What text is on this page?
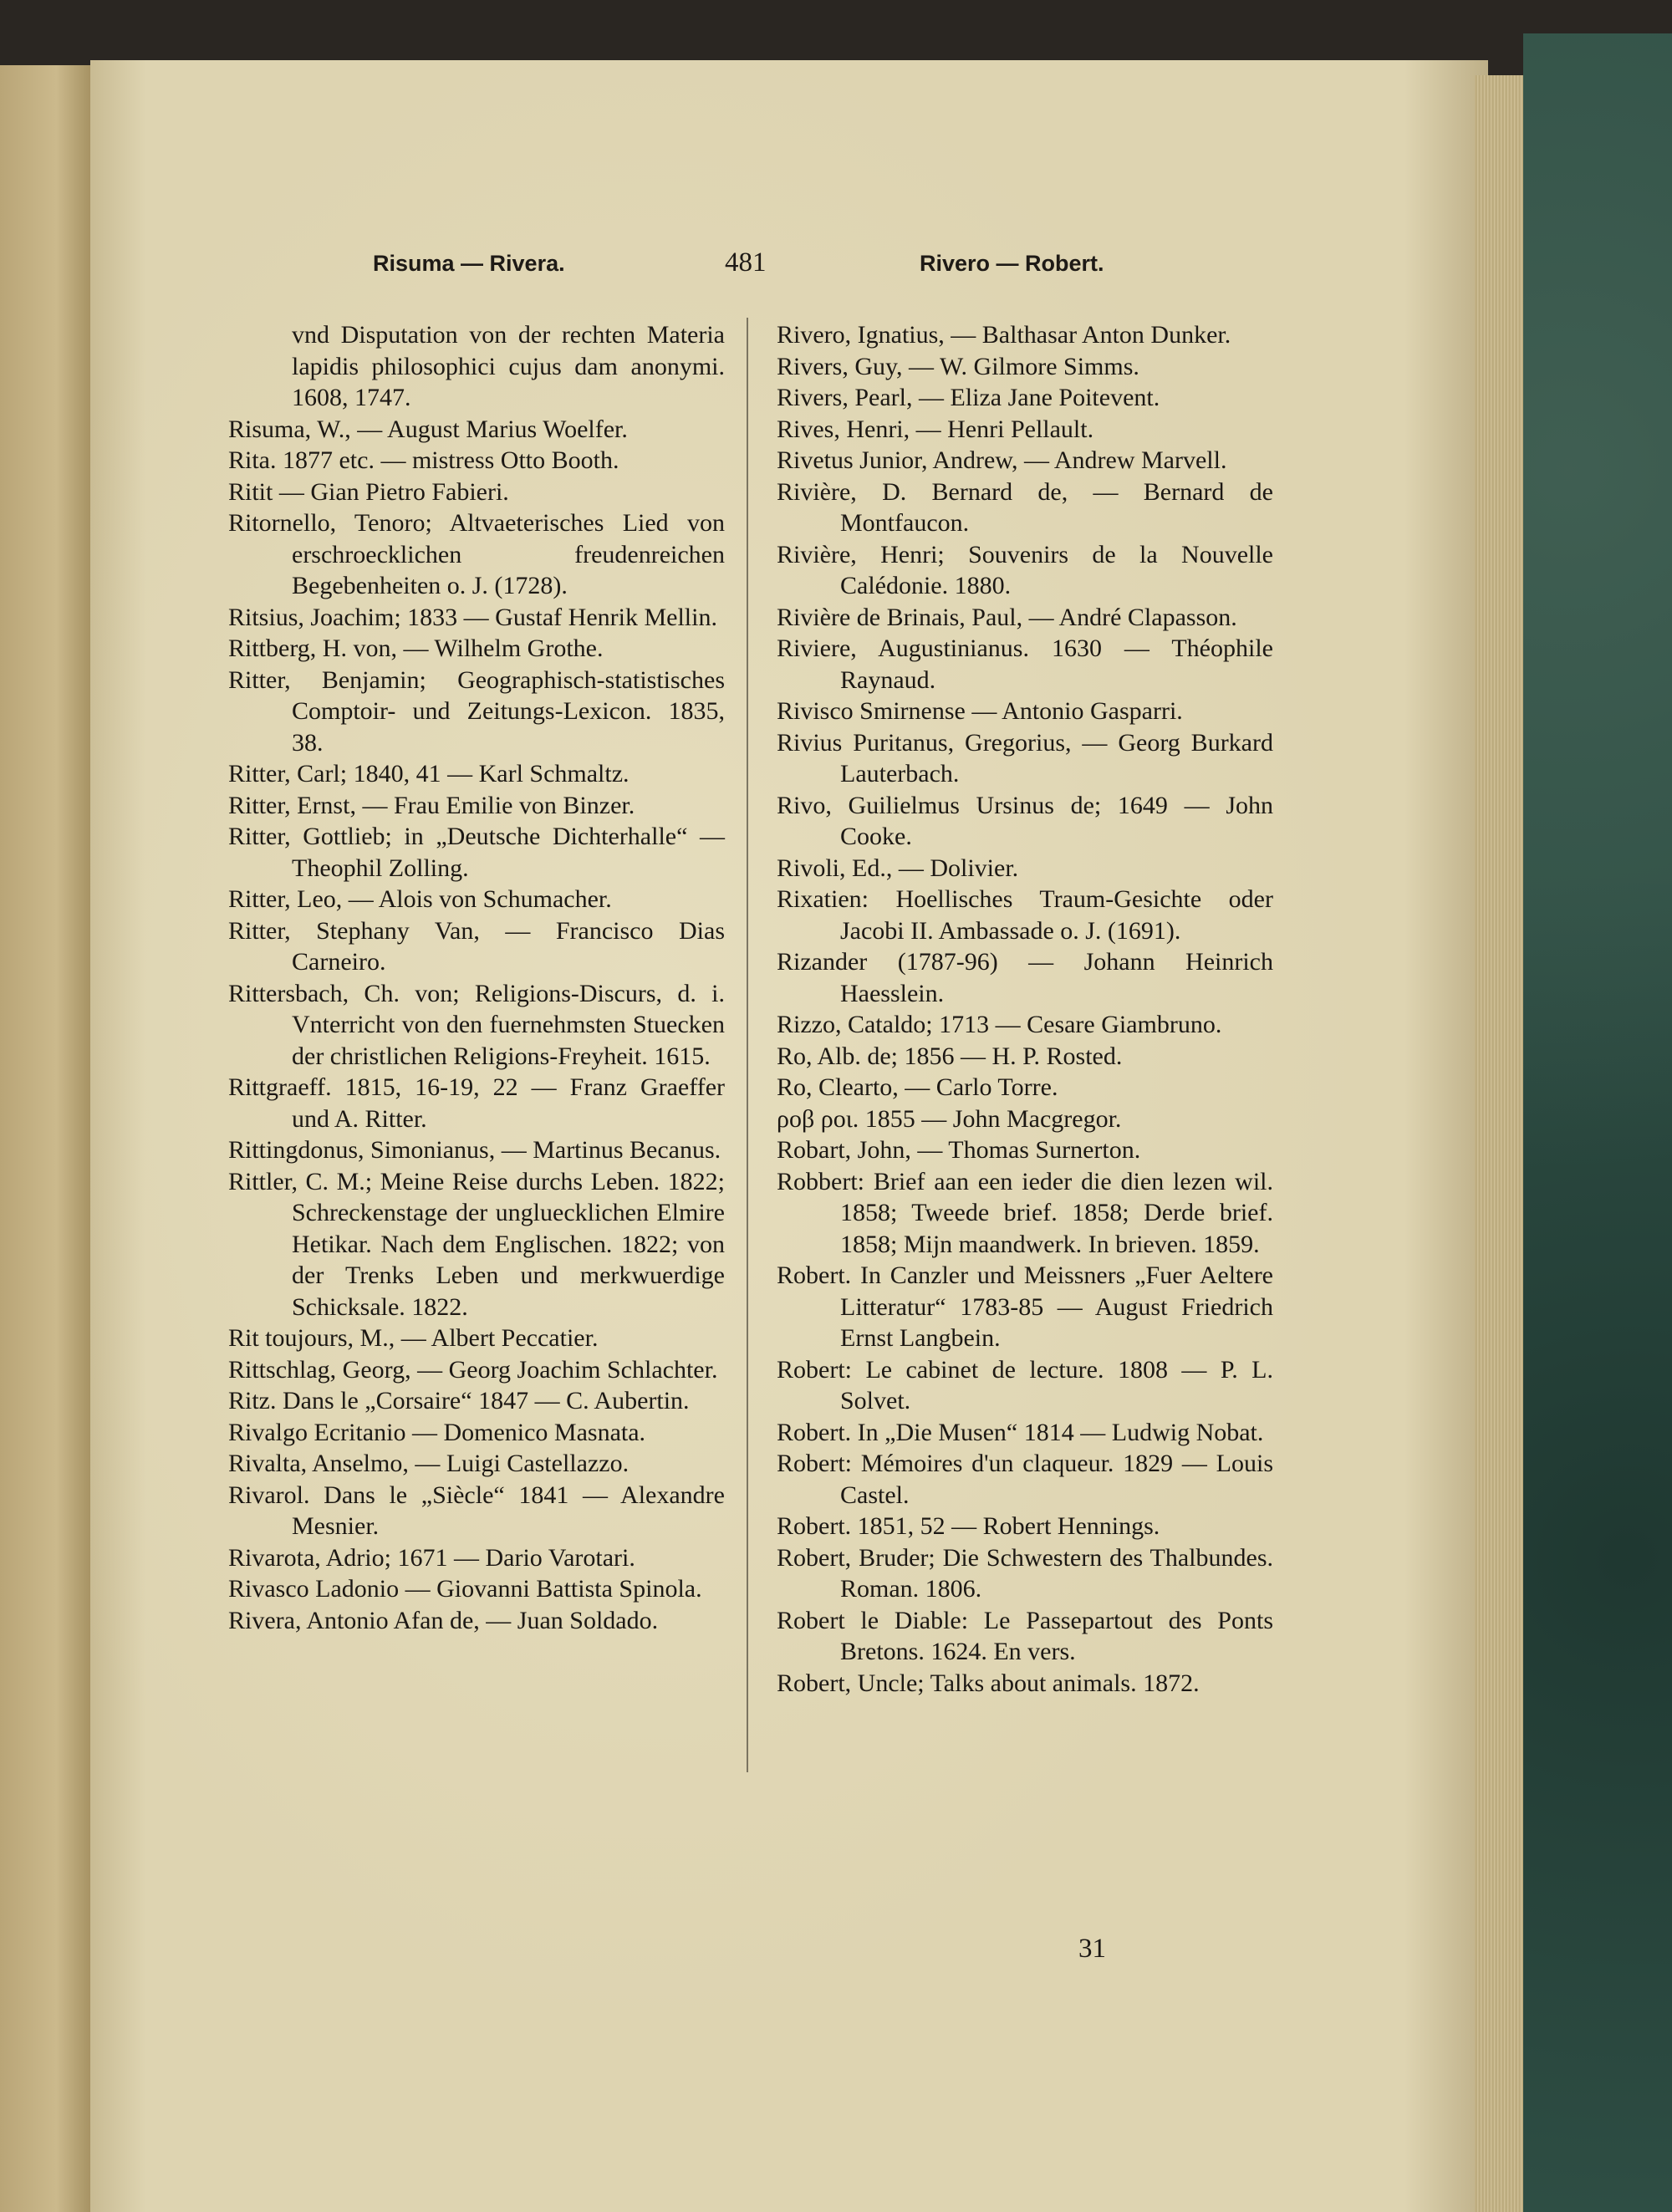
Risuma — Rivera.	481	Rivero — Robert.

vnd Disputation von der rechten Materia lapidis philosophici cujus dam anonymi. 1608, 1747.

Risuma, W., — August Marius Woelfer.

Rita. 1877 etc. — mistress Otto Booth.

Ritit — Gian Pietro Fabieri.

Ritornello, Tenoro; Altvaeterisches Lied von erschroecklichen freudenreichen Begebenheiten o. J. (1728).

Ritsius, Joachim; 1833 — Gustaf Henrik Mellin.

Rittberg, H. von, — Wilhelm Grothe.

Ritter, Benjamin; Geographisch-statistisches Comptoir- und Zeitungs-Lexicon. 1835, 38.

Ritter, Carl; 1840, 41 — Karl Schmaltz.

Ritter, Ernst, — Frau Emilie von Binzer.

Ritter, Gottlieb; in „Deutsche Dichterhalle“ — Theophil Zolling.

Ritter, Leo, — Alois von Schumacher.

Ritter, Stephany Van, — Francisco Dias Carneiro.

Rittersbach, Ch. von; Religions-Discurs, d. i. Vnterricht von den fuernehmsten Stuecken der christlichen Religions-Freyheit. 1615.

Rittgraeff. 1815, 16-19, 22 — Franz Graeffer und A. Ritter.

Rittingdonus, Simonianus, — Martinus Becanus.

Rittler, C. M.; Meine Reise durchs Leben. 1822; Schreckenstage der ungluecklichen Elmire Hetikar. Nach dem Englischen. 1822; von der Trenks Leben und merkwuerdige Schicksale. 1822.

Rit toujours, M., — Albert Peccatier.

Rittschlag, Georg, — Georg Joachim Schlachter.

Ritz. Dans le „Corsaire“ 1847 — C. Aubertin.

Rivalgo Ecritanio — Domenico Masnata.

Rivalta, Anselmo, — Luigi Castellazzo.

Rivarol. Dans le „Siècle“ 1841 — Alexandre Mesnier.

Rivarota, Adrio; 1671 — Dario Varotari.

Rivasco Ladonio — Giovanni Battista Spinola.

Rivera, Antonio Afan de, — Juan Soldado.

Rivero, Ignatius, — Balthasar Anton Dunker.

Rivers, Guy, — W. Gilmore Simms.

Rivers, Pearl, — Eliza Jane Poitevent.

Rives, Henri, — Henri Pellault.

Rivetus Junior, Andrew, — Andrew Marvell.

Rivière, D. Bernard de, — Bernard de Montfaucon.

Rivière, Henri; Souvenirs de la Nouvelle Calédonie. 1880.

Rivière de Brinais, Paul, — André Clapasson.

Riviere, Augustinianus. 1630 — Théophile Raynaud.

Rivisco Smirnense — Antonio Gasparri.

Rivius Puritanus, Gregorius, — Georg Burkard Lauterbach.

Rivo, Guilielmus Ursinus de; 1649 — John Cooke.

Rivoli, Ed., — Dolivier.

Rixatien: Hoellisches Traum-Gesichte oder Jacobi II. Ambassade o. J. (1691).

Rizander (1787-96) — Johann Heinrich Haesslein.

Rizzo, Cataldo; 1713 — Cesare Giambruno.

Ro, Alb. de; 1856 — H. P. Rosted.

Ro, Clearto, — Carlo Torre.

ρoβ ρoι. 1855 — John Macgregor.

Robart, John, — Thomas Surnerton.

Robbert: Brief aan een ieder die dien lezen wil. 1858; Tweede brief. 1858; Derde brief. 1858; Mijn maandwerk. In brieven. 1859.

Robert. In Canzler und Meissners „Fuer Aeltere Litteratur“ 1783-85 — August Friedrich Ernst Langbein.

Robert: Le cabinet de lecture. 1808 — P. L. Solvet.

Robert. In „Die Musen“ 1814 — Ludwig Nobat.

Robert: Mémoires d'un claqueur. 1829 — Louis Castel.

Robert. 1851, 52 — Robert Hennings.

Robert, Bruder; Die Schwestern des Thalbundes. Roman. 1806.

Robert le Diable: Le Passepartout des Ponts Bretons. 1624. En vers.

Robert, Uncle; Talks about animals. 1872.

31
